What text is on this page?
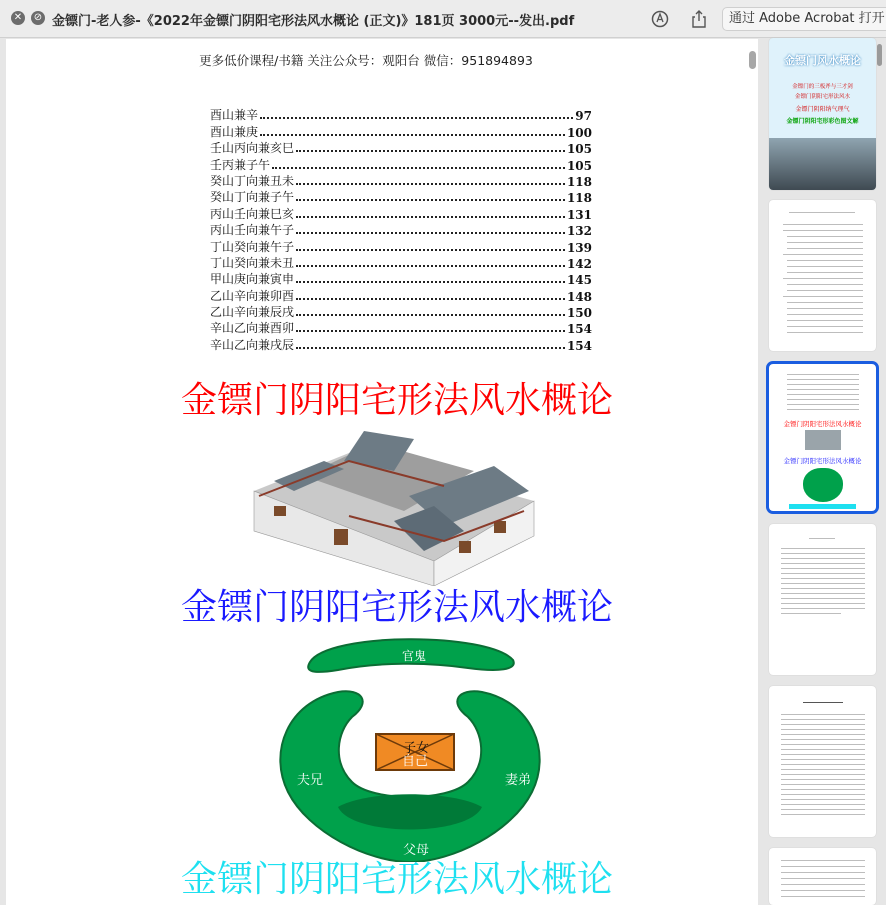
✕ ⊘ 金镖门-老人参-《2022年金镖门阴阳宅形法风水概论 (正文)》181页 3000元--发出.pdf	通过 Adobe Acrobat 打开
更多低价课程/书籍 关注公众号：观阳台 微信：951894893
酉山兼辛	97
酉山兼庚	100
壬山丙向兼亥巳	105
壬丙兼子午	105
癸山丁向兼丑未	118
癸山丁向兼子午	118
丙山壬向兼巳亥	131
丙山壬向兼午子	132
丁山癸向兼午子	139
丁山癸向兼未丑	142
甲山庚向兼寅申	145
乙山辛向兼卯酉	148
乙山辛向兼辰戌	150
辛山乙向兼酉卯	154
辛山乙向兼戌辰	154
金镖门阴阳宅形法风水概论
金镖门阴阳宅形法风水概论
官鬼
子女
夫兄	妻弟
自己
父母
金镖门阴阳宅形法风水概论
金镖门风水概论
金镖门的三板斧与三才剑
金镖门阴阳宅形法风水
金镖门阴阳纳气理气
金镖门阴阳宅形彩色图文解
金镖门阴阳宅形法风水概论
金镖门阴阳宅形法风水概论
